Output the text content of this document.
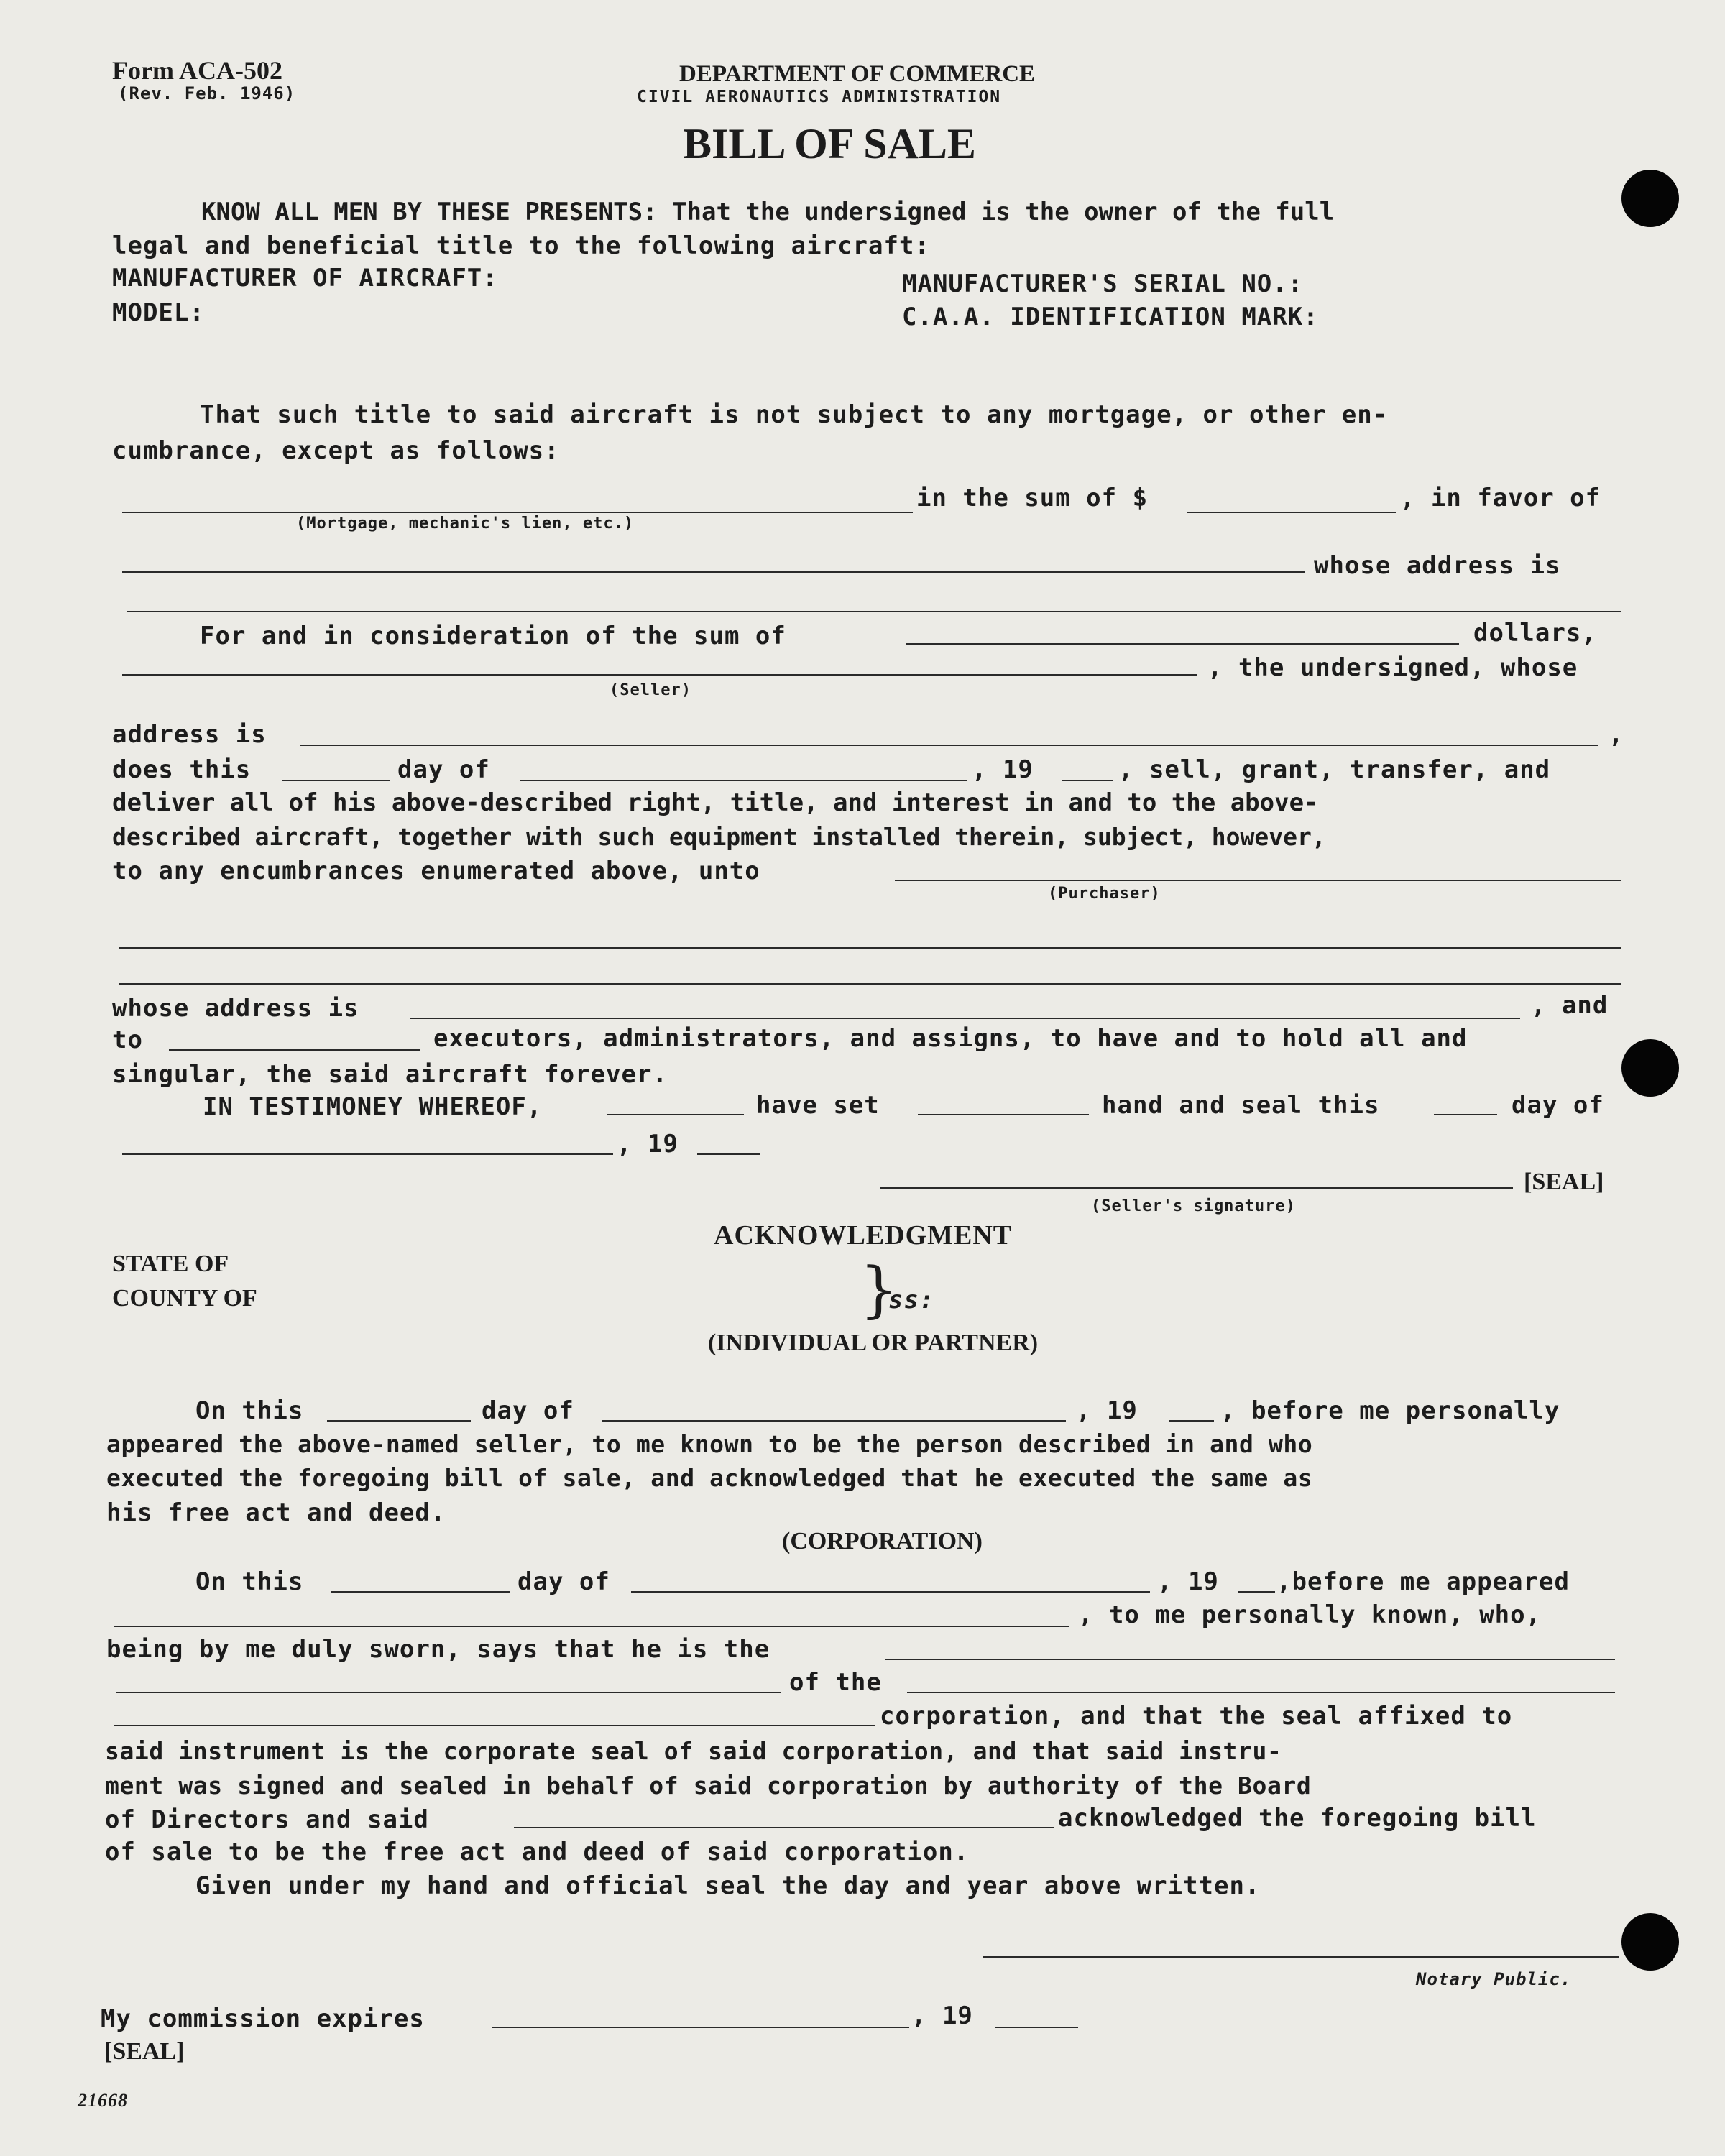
Form ACA-502
(Rev. Feb. 1946)
DEPARTMENT OF COMMERCE
CIVIL AERONAUTICS ADMINISTRATION
BILL OF SALE
KNOW ALL MEN BY THESE PRESENTS: That the undersigned is the owner of the full
legal and beneficial title to the following aircraft:
MANUFACTURER OF AIRCRAFT:
MODEL:
MANUFACTURER'S SERIAL NO.:
C.A.A. IDENTIFICATION MARK:
That such title to said aircraft is not subject to any mortgage, or other en-
cumbrance, except as follows:
in the sum of $	, in favor of
(Mortgage, mechanic's lien, etc.)
whose address is
For and in consideration of the sum of	dollars,
, the undersigned, whose
(Seller)
address is	,
does this	day of	, 19	, sell, grant, transfer, and
deliver all of his above-described right, title, and interest in and to the above-
described aircraft, together with such equipment installed therein, subject, however,
to any encumbrances enumerated above, unto
(Purchaser)
whose address is	, and
to	executors, administrators, and assigns, to have and to hold all and
singular, the said aircraft forever.
IN TESTIMONEY WHEREOF,	have set	hand and seal this	day of
, 19
[SEAL]
(Seller's signature)
ACKNOWLEDGMENT
STATE OF
COUNTY OF	}
ss:
(INDIVIDUAL OR PARTNER)
On this	day of	, 19	, before me personally
appeared the above-named seller, to me known to be the person described in and who
executed the foregoing bill of sale, and acknowledged that he executed the same as
his free act and deed.
(CORPORATION)
On this	day of	, 19 ,before me appeared
, to me personally known, who,
being by me duly sworn, says that he is the
of the
corporation, and that the seal affixed to
said instrument is the corporate seal of said corporation, and that said instru-
ment was signed and sealed in behalf of said corporation by authority of the Board
of Directors and said	acknowledged the foregoing bill
of sale to be the free act and deed of said corporation.
Given under my hand and official seal the day and year above written.
Notary Public.
My commission expires	, 19
[SEAL]
21668
